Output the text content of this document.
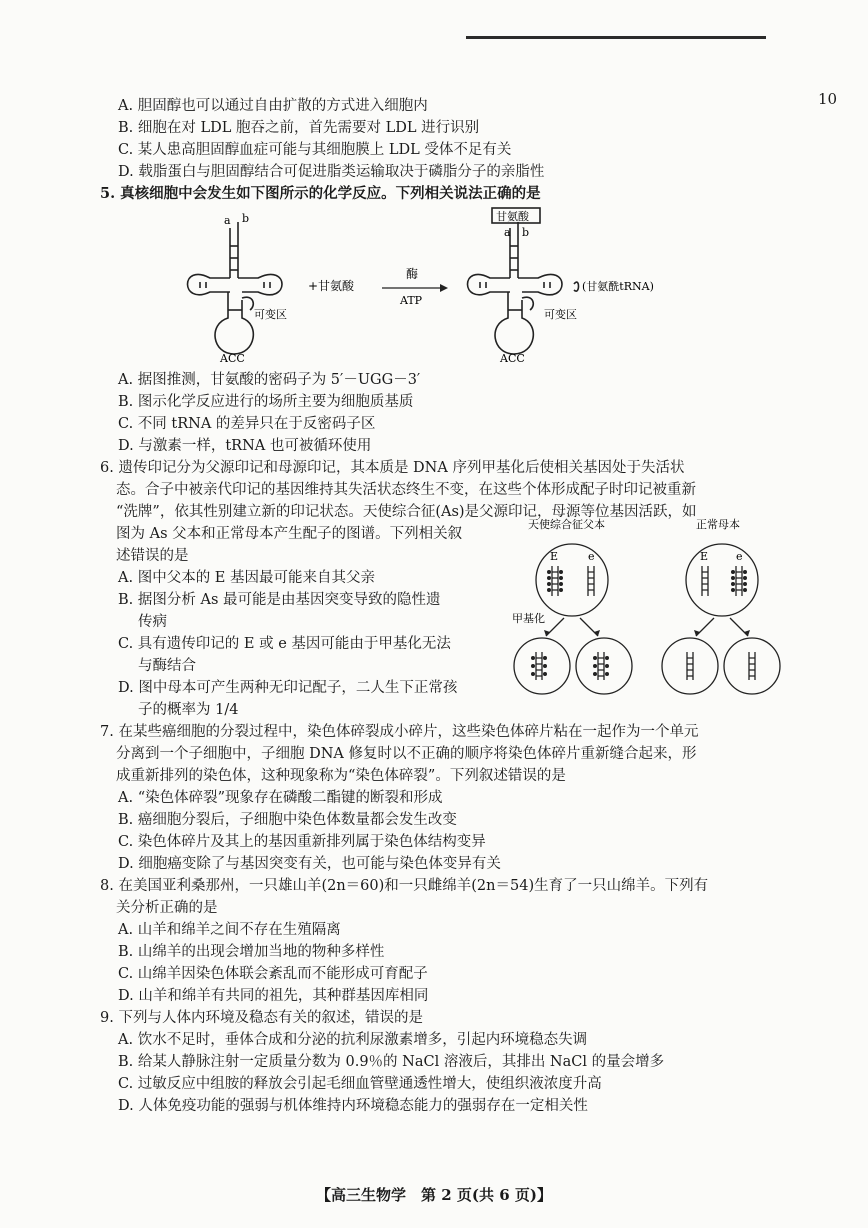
10
A. 胆固醇也可以通过自由扩散的方式进入细胞内
B. 细胞在对 LDL 胞吞之前，首先需要对 LDL 进行识别
C. 某人患高胆固醇血症可能与其细胞膜上 LDL 受体不足有关
D. 载脂蛋白与胆固醇结合可促进脂类运输取决于磷脂分子的亲脂性
5. 真核细胞中会发生如下图所示的化学反应。下列相关说法正确的是
a b
可变区
ACC
+甘氨酸
酶
ATP
甘氨酸
a b
(甘氨酰tRNA)
可变区
ACC
A. 据图推测，甘氨酸的密码子为 5′－UGG－3′
B. 图示化学反应进行的场所主要为细胞质基质
C. 不同 tRNA 的差异只在于反密码子区
D. 与激素一样，tRNA 也可被循环使用
6. 遗传印记分为父源印记和母源印记，其本质是 DNA 序列甲基化后使相关基因处于失活状
态。合子中被亲代印记的基因维持其失活状态终生不变，在这些个体形成配子时印记被重新
“洗牌”，依其性别建立新的印记状态。天使综合征(As)是父源印记，母源等位基因活跃，如
图为 As 父本和正常母本产生配子的图谱。下列相关叙
述错误的是
A. 图中父本的 E 基因最可能来自其父亲
B. 据图分析 As 最可能是由基因突变导致的隐性遗
传病
C. 具有遗传印记的 E 或 e 基因可能由于甲基化无法
与酶结合
D. 图中母本可产生两种无印记配子，二人生下正常孩
子的概率为 1/4
天使综合征父本	正常母本
E	e	E	e
甲基化
7. 在某些癌细胞的分裂过程中，染色体碎裂成小碎片，这些染色体碎片粘在一起作为一个单元
分离到一个子细胞中，子细胞 DNA 修复时以不正确的顺序将染色体碎片重新缝合起来，形
成重新排列的染色体，这种现象称为“染色体碎裂”。下列叙述错误的是
A. “染色体碎裂”现象存在磷酸二酯键的断裂和形成
B. 癌细胞分裂后，子细胞中染色体数量都会发生改变
C. 染色体碎片及其上的基因重新排列属于染色体结构变异
D. 细胞癌变除了与基因突变有关，也可能与染色体变异有关
8. 在美国亚利桑那州，一只雄山羊(2n＝60)和一只雌绵羊(2n＝54)生育了一只山绵羊。下列有
关分析正确的是
A. 山羊和绵羊之间不存在生殖隔离
B. 山绵羊的出现会增加当地的物种多样性
C. 山绵羊因染色体联会紊乱而不能形成可育配子
D. 山羊和绵羊有共同的祖先，其种群基因库相同
9. 下列与人体内环境及稳态有关的叙述，错误的是
A. 饮水不足时，垂体合成和分泌的抗利尿激素增多，引起内环境稳态失调
B. 给某人静脉注射一定质量分数为 0.9％的 NaCl 溶液后，其排出 NaCl 的量会增多
C. 过敏反应中组胺的释放会引起毛细血管壁通透性增大，使组织液浓度升高
D. 人体免疫功能的强弱与机体维持内环境稳态能力的强弱存在一定相关性
【高三生物学　第 2 页(共 6 页)】
